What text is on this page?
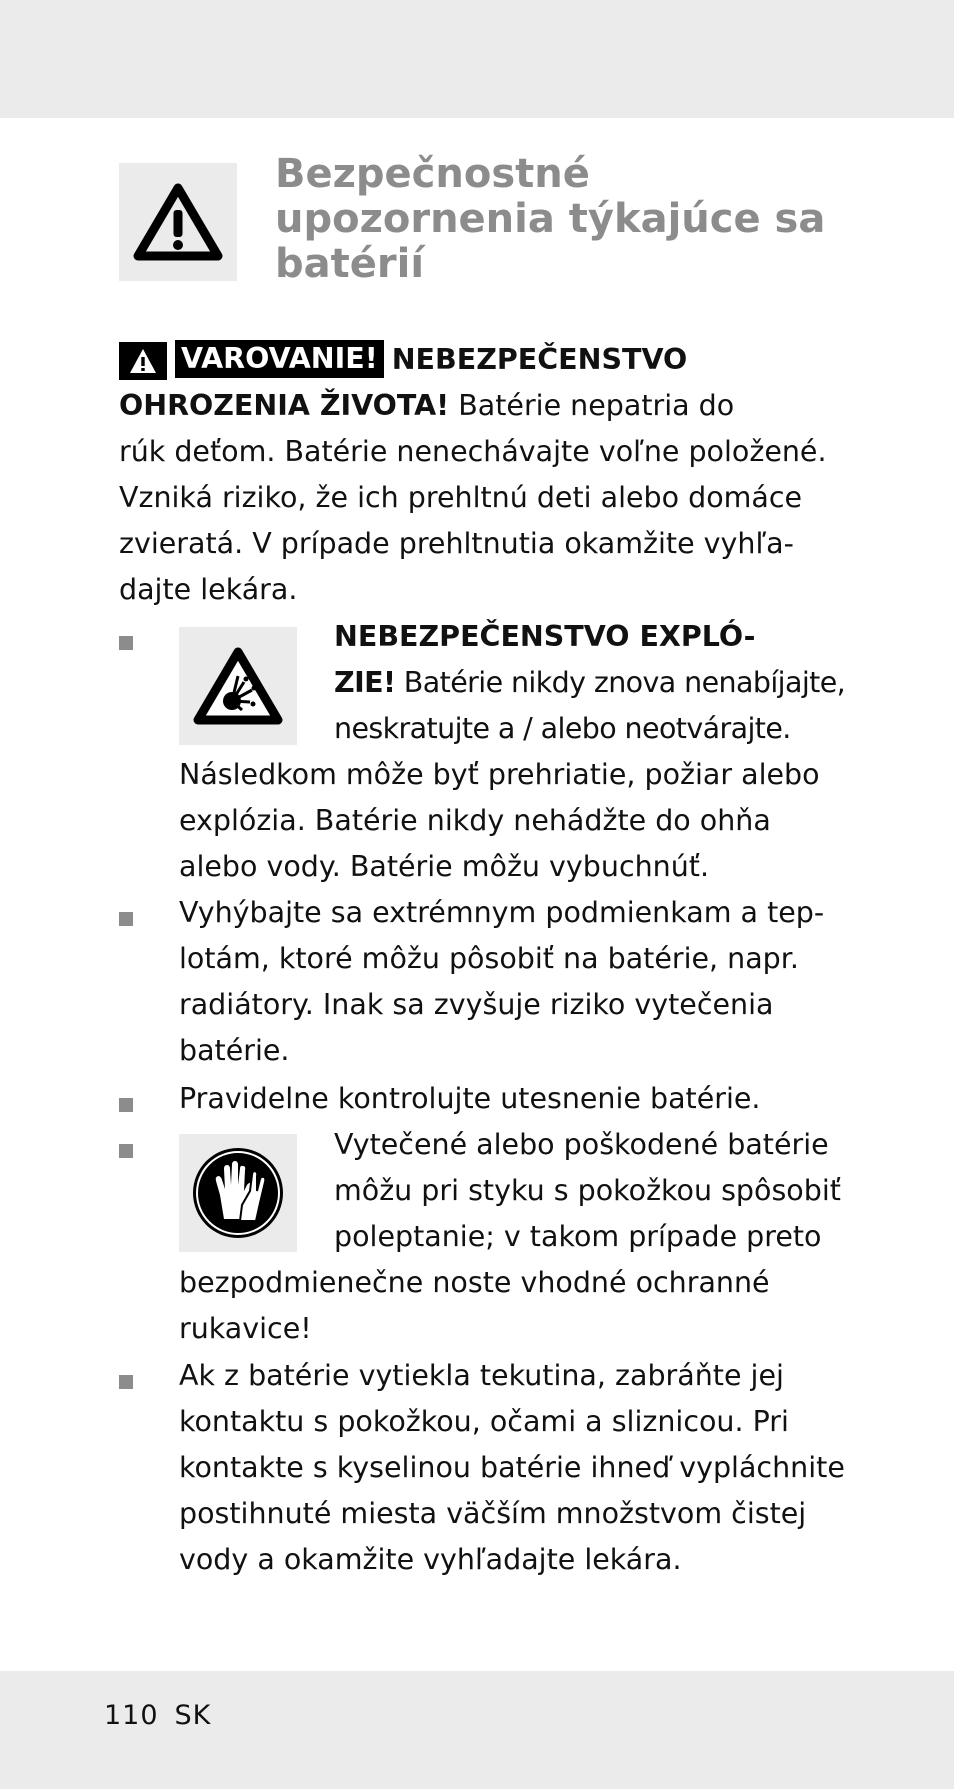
Bezpečnostné upozornenia týkajúce sa batérií
VAROVANIE! NEBEZPEČENSTVO
OHROZENIA ŽIVOTA! Batérie nepatria do
rúk deťom. Batérie nenechávajte voľne položené.
Vzniká riziko, že ich prehltnú deti alebo domáce
zvieratá. V prípade prehltnutia okamžite vyhľa-
dajte lekára.
NEBEZPEČENSTVO EXPLÓ-
ZIE! Batérie nikdy znova nenabíjajte,
neskratujte a / alebo neotvárajte.
Následkom môže byť prehriatie, požiar alebo
explózia. Batérie nikdy nehádžte do ohňa
alebo vody. Batérie môžu vybuchnúť.
Vyhýbajte sa extrémnym podmienkam a tep-
lotám, ktoré môžu pôsobiť na batérie, napr.
radiátory. Inak sa zvyšuje riziko vytečenia
batérie.
Pravidelne kontrolujte utesnenie batérie.
Vytečené alebo poškodené batérie
môžu pri styku s pokožkou spôsobiť
poleptanie; v takom prípade preto
bezpodmienečne noste vhodné ochranné
rukavice!
Ak z batérie vytiekla tekutina, zabráňte jej
kontaktu s pokožkou, očami a sliznicou. Pri
kontakte s kyselinou batérie ihneď vypláchnite
postihnuté miesta väčším množstvom čistej
vody a okamžite vyhľadajte lekára.
110 SK
